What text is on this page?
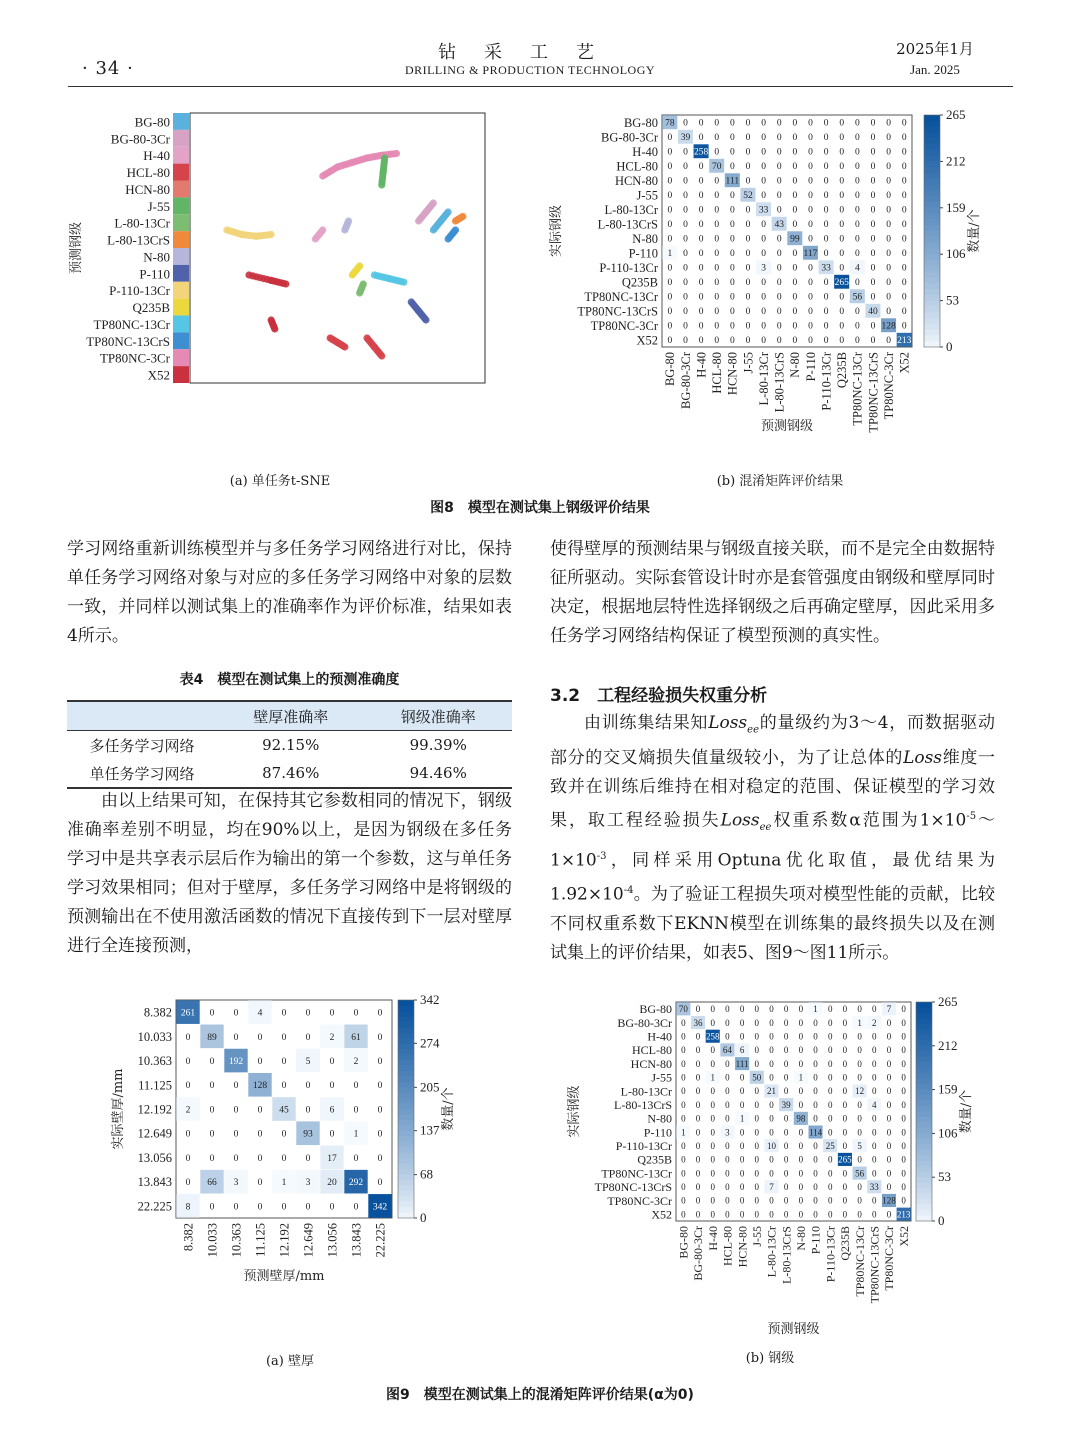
· 34 ·
钻采工艺
DRILLING & PRODUCTION TECHNOLOGY
2025年1月
Jan. 2025
BG-80
BG-80-3Cr
H-40
HCL-80
HCN-80
J-55
L-80-13Cr
L-80-13CrS
N-80
P-110
P-110-13Cr
Q235B
TP80NC-13Cr
TP80NC-13CrS
TP80NC-3Cr
X52
预测钢级
78 0 0 0 0 0 0 0 0 0 0 0 0 0 0 0
0 39 0 0 0 0 0 0 0 0 0 0 0 0 0 0
0 0 258 0 0 0 0 0 0 0 0 0 0 0 0 0
0 0 0 70 0 0 0 0 0 0 0 0 0 0 0 0
0 0 0 0 111 0 0 0 0 0 0 0 0 0 0 0
0 0 0 0 0 52 0 0 0 0 0 0 0 0 0 0
0 0 0 0 0 0 33 0 0 0 0 0 0 0 0 0
0 0 0 0 0 0 0 43 0 0 0 0 0 0 0 0
0 0 0 0 0 0 0 0 99 0 0 0 0 0 0 0
1 0 0 0 0 0 0 0 0 117 0 0 0 0 0 0
0 0 0 0 0 0 3 0 0 0 33 0 4 0 0 0
0 0 0 0 0 0 0 0 0 0 0 265 0 0 0 0
0 0 0 0 0 0 0 0 0 0 0 0 56 0 0 0
0 0 0 0 0 0 0 0 0 0 0 0 0 40 0 0
0 0 0 0 0 0 0 0 0 0 0 0 0 0 128 0
0 0 0 0 0 0 0 0 0 0 0 0 0 0 0 213
BG-80
BG-80-3Cr
H-40
HCL-80
HCN-80
J-55
L-80-13Cr
L-80-13CrS
N-80
P-110
P-110-13Cr
Q235B
TP80NC-13Cr
TP80NC-13CrS
TP80NC-3Cr
X52
BG-80 BG-80-3Cr H-40 HCL-80 HCN-80 J-55 L-80-13Cr L-80-13CrS N-80 P-110 P-110-13Cr Q235B TP80NC-13Cr TP80NC-13CrS TP80NC-3Cr X52
预测钢级
实际钢级
0
53
106
159
212
265
数量/个
261 0 0 4 0 0 0 0 0
0 89 0 0 0 0 2 61 0
0 0 192 0 0 5 0 2 0
0 0 0 128 0 0 0 0 0
2 0 0 0 45 0 6 0 0
0 0 0 0 0 93 0 1 0
0 0 0 0 0 0 17 0 0
0 66 3 0 1 3 20 292 0
8 0 0 0 0 0 0 0 342
8.382
10.033
10.363
11.125
12.192
12.649
13.056
13.843
22.225
8.382 10.033 10.363 11.125 12.192 12.649 13.056 13.843 22.225
预测壁厚/mm
实际壁厚/mm
0
68
137
205
274
342
数量/个
70 0 0 0 0 0 0 0 0 1 0 0 0 0 7 0
0 36 0 0 0 0 0 0 0 0 0 0 1 2 0 0
0 0 258 0 0 0 0 0 0 0 0 0 0 0 0 0
0 0 0 64 6 0 0 0 0 0 0 0 0 0 0 0
0 0 0 0 111 0 0 0 0 0 0 0 0 0 0 0
0 0 1 0 0 50 0 0 1 0 0 0 0 0 0 0
0 0 0 0 0 0 21 0 0 0 0 0 12 0 0 0
0 0 0 0 0 0 0 39 0 0 0 0 0 4 0 0
0 0 0 0 1 0 0 0 98 0 0 0 0 0 0 0
1 0 0 3 0 0 0 0 0 114 0 0 0 0 0 0
0 0 0 0 0 0 10 0 0 0 25 0 5 0 0 0
0 0 0 0 0 0 0 0 0 0 0 265 0 0 0 0
0 0 0 0 0 0 0 0 0 0 0 0 56 0 0 0
0 0 0 0 0 0 7 0 0 0 0 0 0 33 0 0
0 0 0 0 0 0 0 0 0 0 0 0 0 0 128 0
0 0 0 0 0 0 0 0 0 0 0 0 0 0 0 213
BG-80
BG-80-3Cr
H-40
HCL-80
HCN-80
J-55
L-80-13Cr
L-80-13CrS
N-80
P-110
P-110-13Cr
Q235B
TP80NC-13Cr
TP80NC-13CrS
TP80NC-3Cr
X52
BG-80 BG-80-3Cr H-40 HCL-80 HCN-80 J-55 L-80-13Cr L-80-13CrS N-80 P-110 P-110-13Cr Q235B TP80NC-13Cr TP80NC-13CrS TP80NC-3Cr X52
预测钢级
实际钢级
0
53
106
159
212
265
数量/个
(a) 单任务t-SNE	(b) 混淆矩阵评价结果
图8　模型在测试集上钢级评价结果
学习网络重新训练模型并与多任务学习网络进行对比，保持单任务学习网络对象与对应的多任务学习网络中对象的层数一致，并同样以测试集上的准确率作为评价标准，结果如表4所示。
表4　模型在测试集上的预测准确度
	壁厚准确率	钢级准确率
多任务学习网络	92.15%	99.39%
单任务学习网络	87.46%	94.46%
由以上结果可知，在保持其它参数相同的情况下，钢级准确率差别不明显，均在90%以上，是因为钢级在多任务学习中是共享表示层后作为输出的第一个参数，这与单任务学习效果相同；但对于壁厚，多任务学习网络中是将钢级的预测输出在不使用激活函数的情况下直接传到下一层对壁厚进行全连接预测，
使得壁厚的预测结果与钢级直接关联，而不是完全由数据特征所驱动。实际套管设计时亦是套管强度由钢级和壁厚同时决定，根据地层特性选择钢级之后再确定壁厚，因此采用多任务学习网络结构保证了模型预测的真实性。
3.2　工程经验损失权重分析
由训练集结果知Loss$_{ee}$的量级约为3～4，而数据驱动部分的交叉熵损失值量级较小，为了让总体的Loss维度一致并在训练后维持在相对稳定的范围、保证模型的学习效果，取工程经验损失Loss$_{ee}$权重系数α范围为$1\times 10^{-5}\sim 1\times 10^{-3}$，同样采用Optuna优化取值，最优结果为$1.92\times 10^{-4}$。为了验证工程损失项对模型性能的贡献，比较不同权重系数下EKNN模型在训练集的最终损失以及在测试集上的评价结果，如表5、图9～图11所示。
(a) 壁厚	(b) 钢级
图9　模型在测试集上的混淆矩阵评价结果(α为0)
